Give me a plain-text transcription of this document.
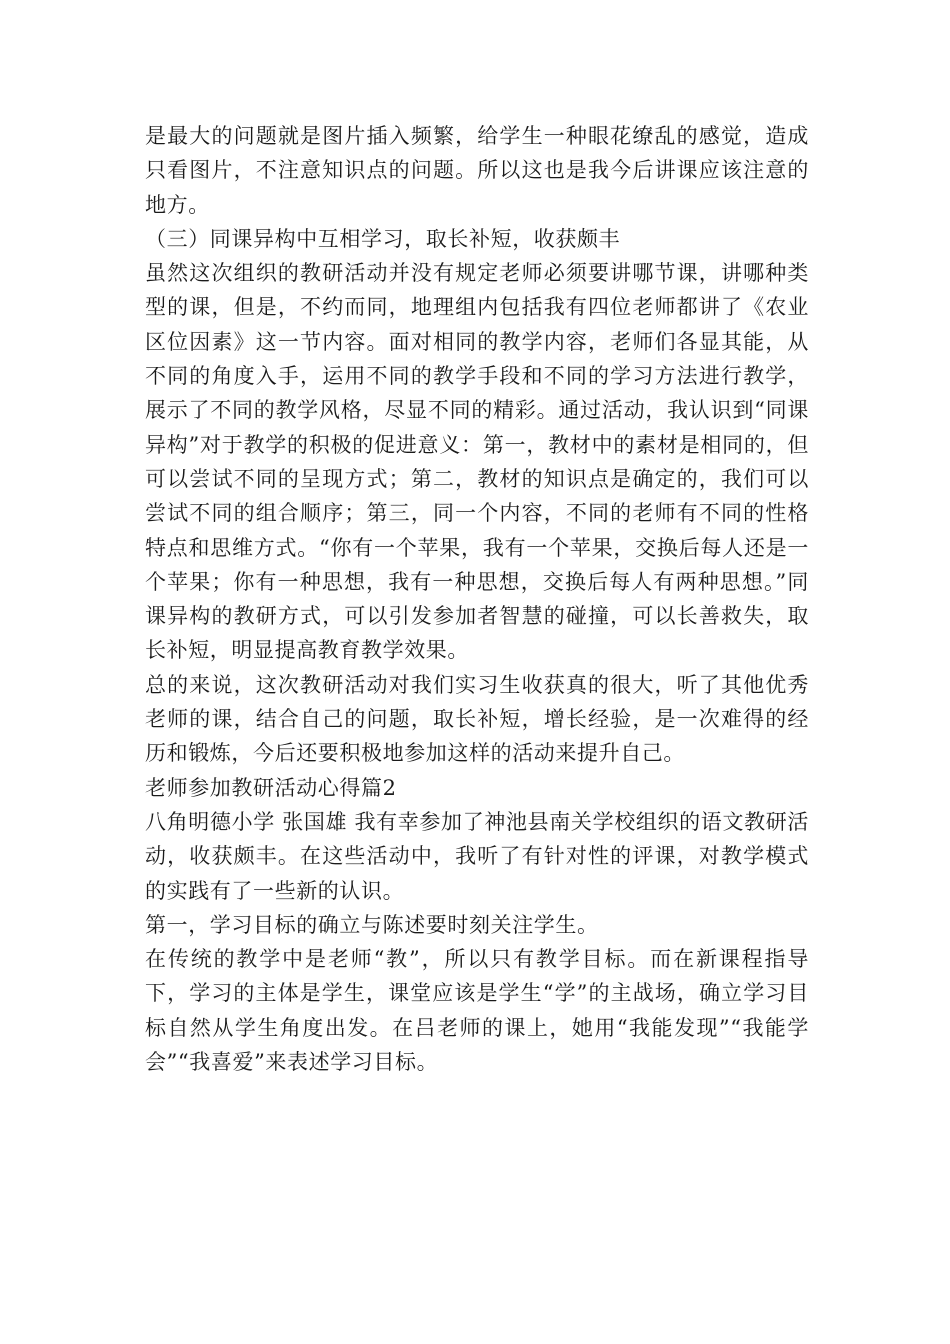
是最大的问题就是图片插入频繁，给学生一种眼花缭乱的感觉，造成只看图片，不注意知识点的问题。所以这也是我今后讲课应该注意的地方。

（三）同课异构中互相学习，取长补短，收获颇丰

虽然这次组织的教研活动并没有规定老师必须要讲哪节课，讲哪种类型的课，但是，不约而同，地理组内包括我有四位老师都讲了《农业区位因素》这一节内容。面对相同的教学内容，老师们各显其能，从不同的角度入手，运用不同的教学手段和不同的学习方法进行教学，展示了不同的教学风格，尽显不同的精彩。通过活动，我认识到“同课异构”对于教学的积极的促进意义：第一，教材中的素材是相同的，但可以尝试不同的呈现方式；第二，教材的知识点是确定的，我们可以尝试不同的组合顺序；第三，同一个内容，不同的老师有不同的性格特点和思维方式。“你有一个苹果，我有一个苹果，交换后每人还是一个苹果；你有一种思想，我有一种思想，交换后每人有两种思想。”同课异构的教研方式，可以引发参加者智慧的碰撞，可以长善救失，取长补短，明显提高教育教学效果。

总的来说，这次教研活动对我们实习生收获真的很大，听了其他优秀老师的课，结合自己的问题，取长补短，增长经验，是一次难得的经历和锻炼，今后还要积极地参加这样的活动来提升自己。

老师参加教研活动心得篇2

八角明德小学 张国雄 我有幸参加了神池县南关学校组织的语文教研活动，收获颇丰。在这些活动中，我听了有针对性的评课，对教学模式的实践有了一些新的认识。

第一，学习目标的确立与陈述要时刻关注学生。

在传统的教学中是老师“教”，所以只有教学目标。而在新课程指导下，学习的主体是学生，课堂应该是学生“学”的主战场，确立学习目标自然从学生角度出发。在吕老师的课上，她用“我能发现”“我能学会”“我喜爱”来表述学习目标。
